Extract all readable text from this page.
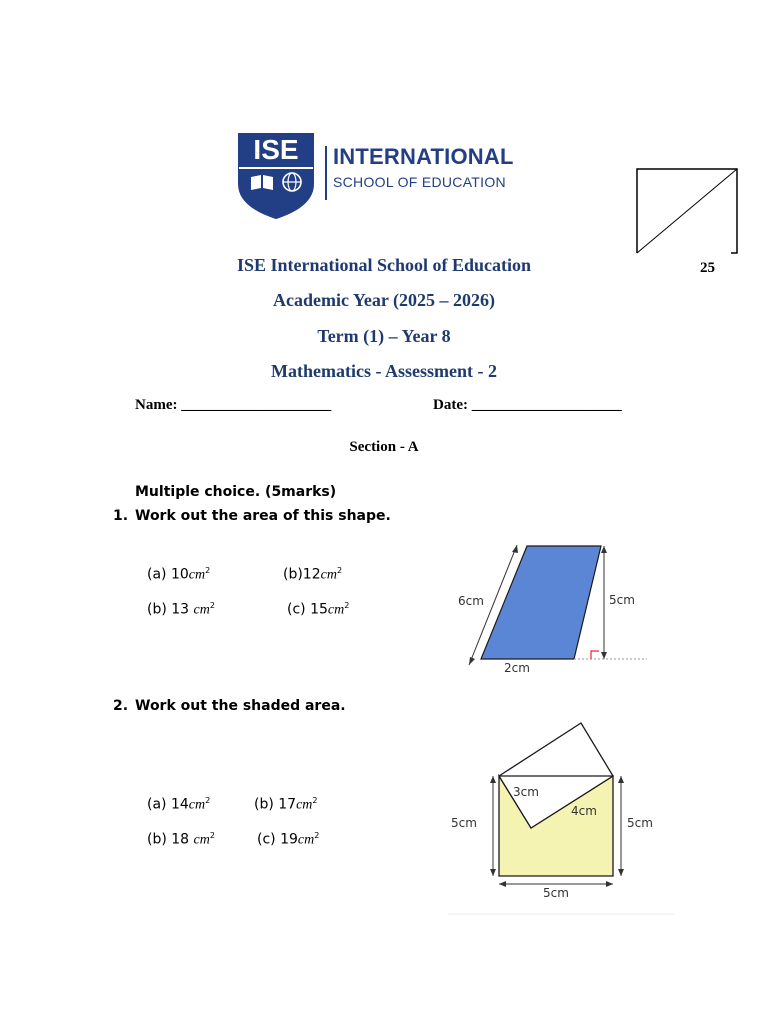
ISE	INTERNATIONAL
SCHOOL OF EDUCATION
25
ISE International School of Education
Academic Year (2025 – 2026)
Term (1) – Year 8
Mathematics - Assessment - 2
Name: ____________________	Date: ____________________
Section - A
Multiple choice. (5marks)
1. Work out the area of this shape.
(a) $10cm^2$	$(b)12cm^2$
(b) 13 $cm^2$	(c) $15cm^2$	6cm	5cm
2cm
2. Work out the shaded area.
(a) $14cm^2$	(b) $17cm^2$
(b) 18 $cm^2$	(c) $19cm^2$
3cm
4cm
5cm	5cm
5cm
